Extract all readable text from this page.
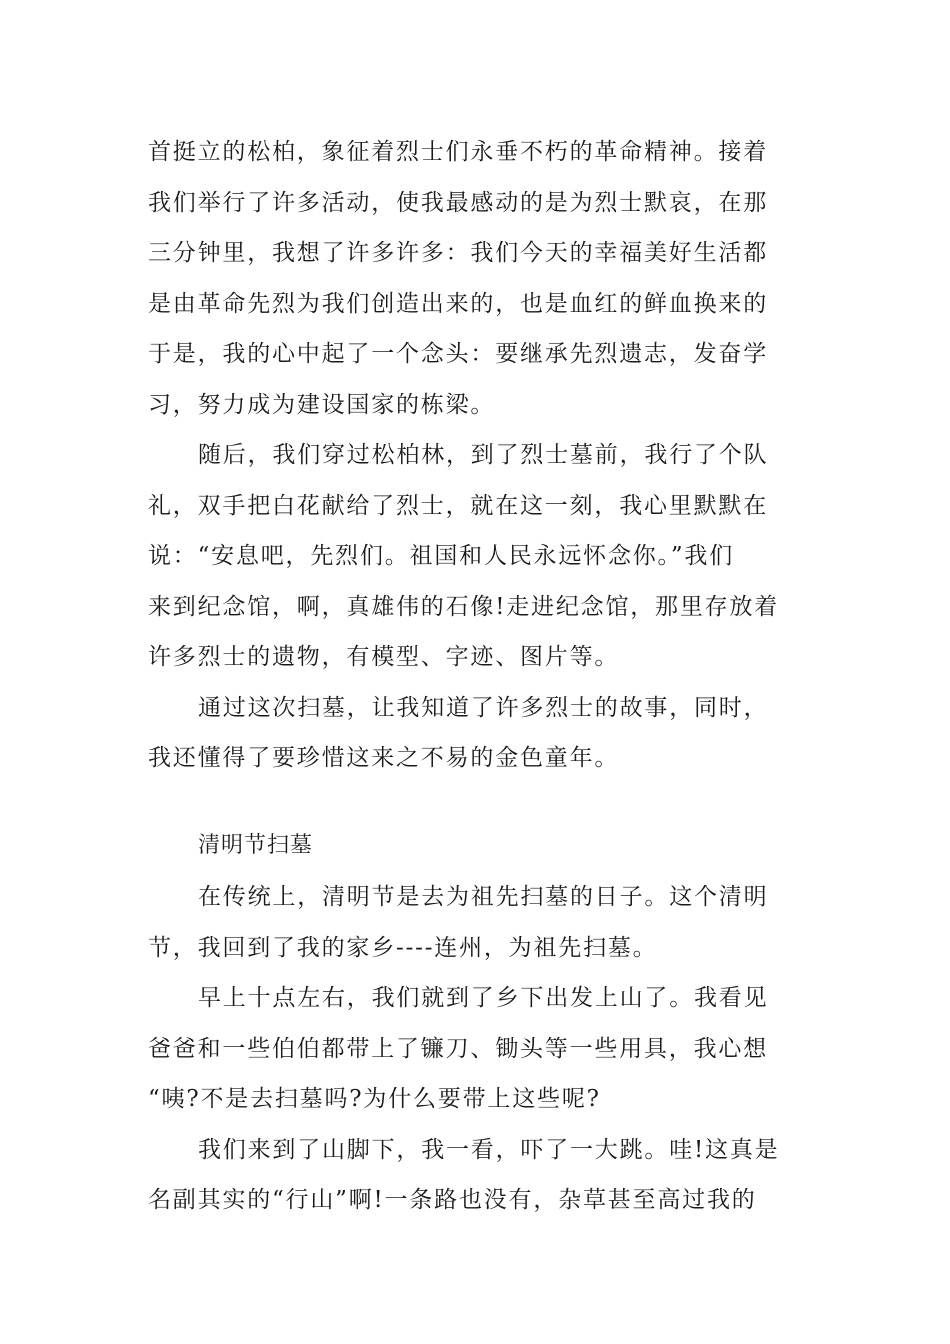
首挺立的松柏，象征着烈士们永垂不朽的革命精神。接着
我们举行了许多活动，使我最感动的是为烈士默哀，在那
三分钟里，我想了许多许多：我们今天的幸福美好生活都
是由革命先烈为我们创造出来的，也是血红的鲜血换来的
于是，我的心中起了一个念头：要继承先烈遗志，发奋学
习，努力成为建设国家的栋梁。
随后，我们穿过松柏林，到了烈士墓前，我行了个队
礼，双手把白花献给了烈士，就在这一刻，我心里默默在
说：“安息吧，先烈们。祖国和人民永远怀念你。”我们
来到纪念馆，啊，真雄伟的石像!走进纪念馆，那里存放着
许多烈士的遗物，有模型、字迹、图片等。
通过这次扫墓，让我知道了许多烈士的故事，同时，
我还懂得了要珍惜这来之不易的金色童年。
清明节扫墓
在传统上，清明节是去为祖先扫墓的日子。这个清明
节，我回到了我的家乡----连州，为祖先扫墓。
早上十点左右，我们就到了乡下出发上山了。我看见
爸爸和一些伯伯都带上了镰刀、锄头等一些用具，我心想
“咦?不是去扫墓吗?为什么要带上这些呢?
我们来到了山脚下，我一看，吓了一大跳。哇!这真是
名副其实的“行山”啊!一条路也没有，杂草甚至高过我的
